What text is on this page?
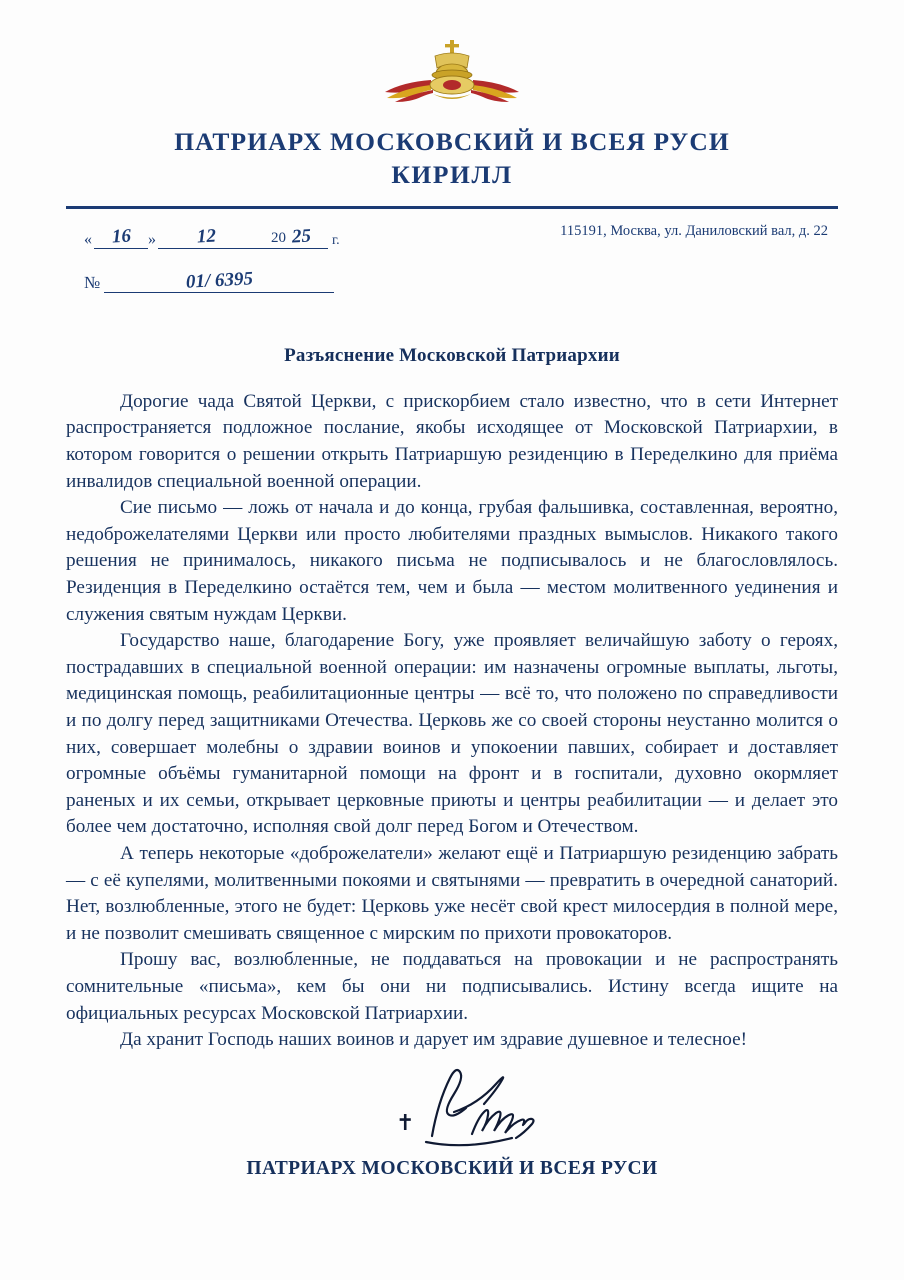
ПАТРИАРХ МОСКОВСКИЙ И ВСЕЯ РУСИ
КИРИЛЛ
« 16	»	12	20 25	г.
№	01/ 6395
115191, Москва, ул. Даниловский вал, д. 22
Разъяснение Московской Патриархии

Дорогие чада Святой Церкви, с прискорбием стало известно, что в сети Интернет распространяется подложное послание, якобы исходящее от Московской Патриархии, в котором говорится о решении открыть Патриаршую резиденцию в Переделкино для приёма инвалидов специальной военной операции.

Сие письмо — ложь от начала и до конца, грубая фальшивка, составленная, вероятно, недоброжелателями Церкви или просто любителями праздных вымыслов. Никакого такого решения не принималось, никакого письма не подписывалось и не благословлялось. Резиденция в Переделкино остаётся тем, чем и была — местом молитвенного уединения и служения святым нуждам Церкви.

Государство наше, благодарение Богу, уже проявляет величайшую заботу о героях, пострадавших в специальной военной операции: им назначены огромные выплаты, льготы, медицинская помощь, реабилитационные центры — всё то, что положено по справедливости и по долгу перед защитниками Отечества. Церковь же со своей стороны неустанно молится о них, совершает молебны о здравии воинов и упокоении павших, собирает и доставляет огромные объёмы гуманитарной помощи на фронт и в госпитали, духовно окормляет раненых и их семьи, открывает церковные приюты и центры реабилитации — и делает это более чем достаточно, исполняя свой долг перед Богом и Отечеством.

А теперь некоторые «доброжелатели» желают ещё и Патриаршую резиденцию забрать — с её купелями, молитвенными покоями и святынями — превратить в очередной санаторий. Нет, возлюбленные, этого не будет: Церковь уже несёт свой крест милосердия в полной мере, и не позволит смешивать священное с мирским по прихоти провокаторов.

Прошу вас, возлюбленные, не поддаваться на провокации и не распространять сомнительные «письма», кем бы они ни подписывались. Истину всегда ищите на официальных ресурсах Московской Патриархии.

Да хранит Господь наших воинов и дарует им здравие душевное и телесное!

✝
ПАТРИАРХ МОСКОВСКИЙ И ВСЕЯ РУСИ
